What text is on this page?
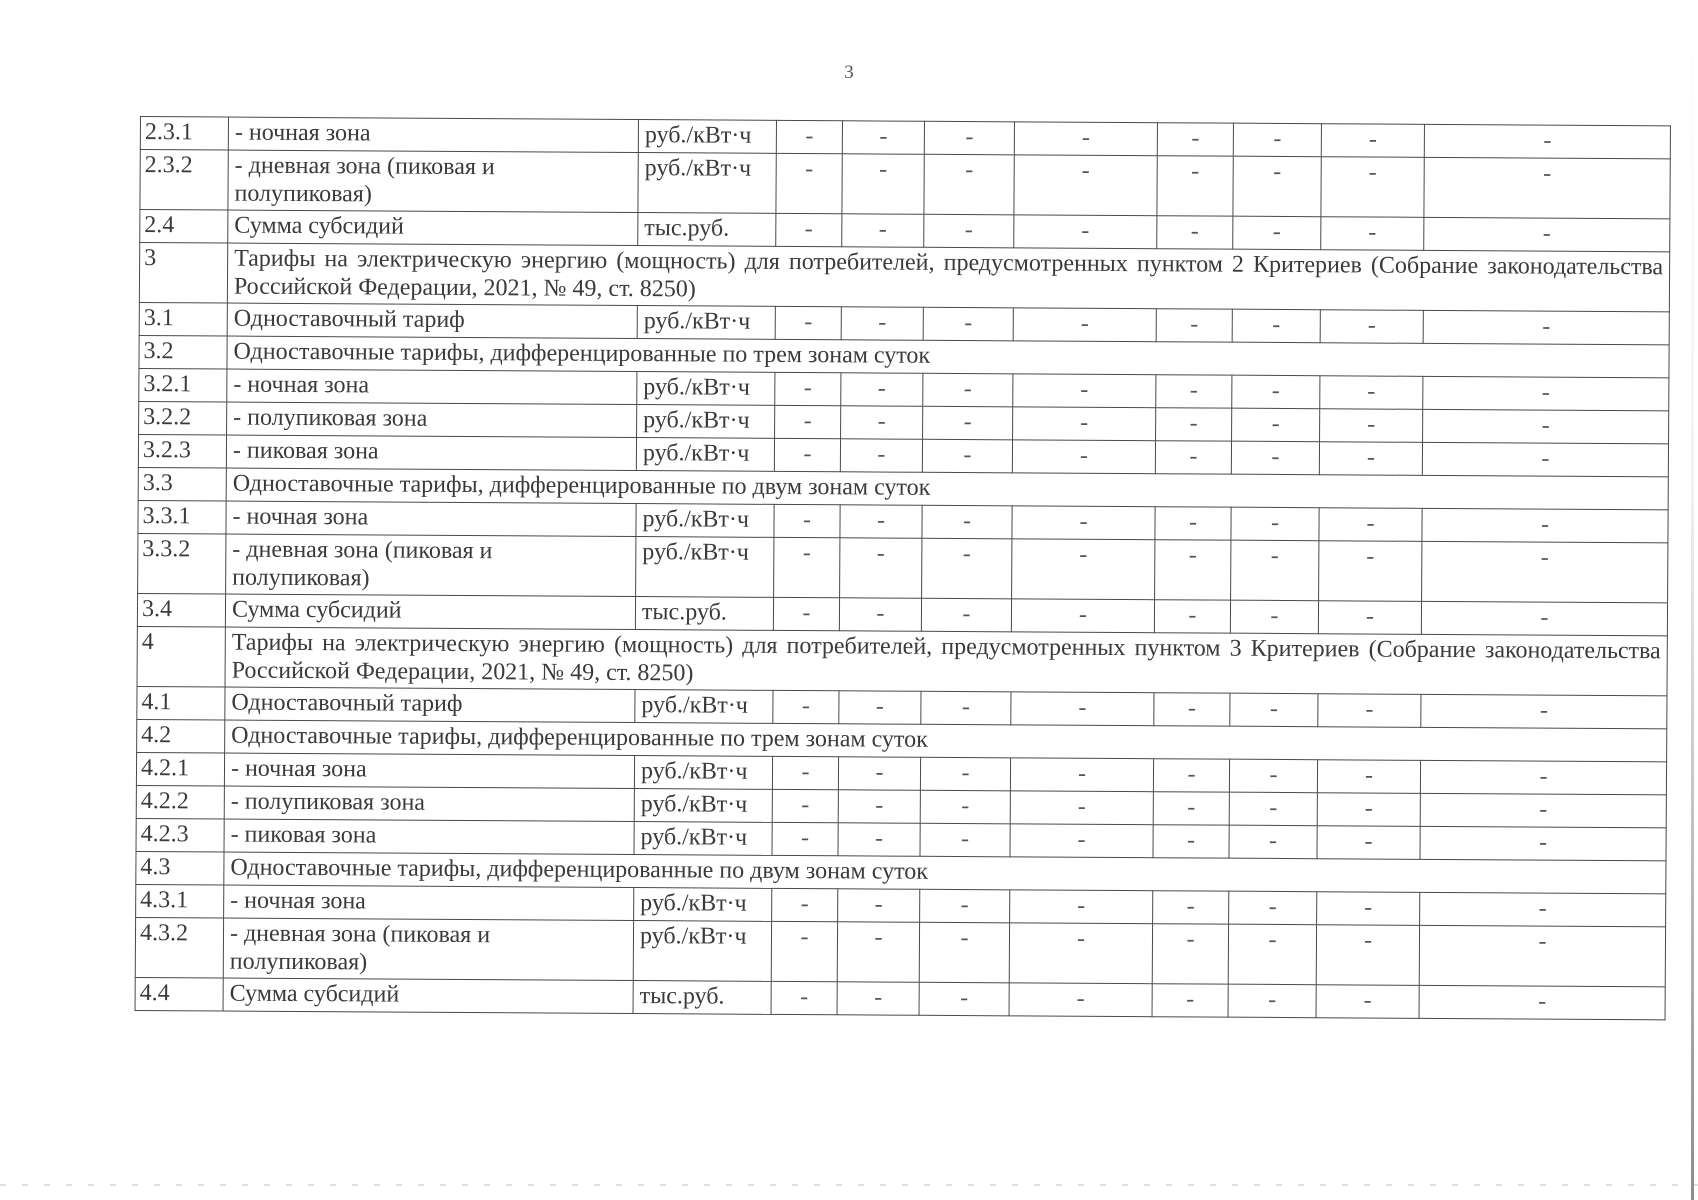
3
2.3.1	- ночная зона	руб./кВт·ч	-	-	-	-	-	-	-	-
2.3.2	- дневная зона (пиковая и полупиковая)	руб./кВт·ч	-	-	-	-	-	-	-	-
2.4	Сумма субсидий	тыс.руб.	-	-	-	-	-	-	-	-
3	Тарифы на электрическую энергию (мощность) для потребителей, предусмотренных пунктом 2 Критериев (Собрание законодательства Российской Федерации, 2021, № 49, ст. 8250)									
3.1	Одноставочный тариф	руб./кВт·ч	-	-	-	-	-	-	-	-
3.2	Одноставочные тарифы, дифференцированные по трем зонам суток									
3.2.1	- ночная зона	руб./кВт·ч	-	-	-	-	-	-	-	-
3.2.2	- полупиковая зона	руб./кВт·ч	-	-	-	-	-	-	-	-
3.2.3	- пиковая зона	руб./кВт·ч	-	-	-	-	-	-	-	-
3.3	Одноставочные тарифы, дифференцированные по двум зонам суток									
3.3.1	- ночная зона	руб./кВт·ч	-	-	-	-	-	-	-	-
3.3.2	- дневная зона (пиковая и полупиковая)	руб./кВт·ч	-	-	-	-	-	-	-	-
3.4	Сумма субсидий	тыс.руб.	-	-	-	-	-	-	-	-
4	Тарифы на электрическую энергию (мощность) для потребителей, предусмотренных пунктом 3 Критериев (Собрание законодательства Российской Федерации, 2021, № 49, ст. 8250)									
4.1	Одноставочный тариф	руб./кВт·ч	-	-	-	-	-	-	-	-
4.2	Одноставочные тарифы, дифференцированные по трем зонам суток									
4.2.1	- ночная зона	руб./кВт·ч	-	-	-	-	-	-	-	-
4.2.2	- полупиковая зона	руб./кВт·ч	-	-	-	-	-	-	-	-
4.2.3	- пиковая зона	руб./кВт·ч	-	-	-	-	-	-	-	-
4.3	Одноставочные тарифы, дифференцированные по двум зонам суток									
4.3.1	- ночная зона	руб./кВт·ч	-	-	-	-	-	-	-	-
4.3.2	- дневная зона (пиковая и полупиковая)	руб./кВт·ч	-	-	-	-	-	-	-	-
4.4	Сумма субсидий	тыс.руб.	-	-	-	-	-	-	-	-
